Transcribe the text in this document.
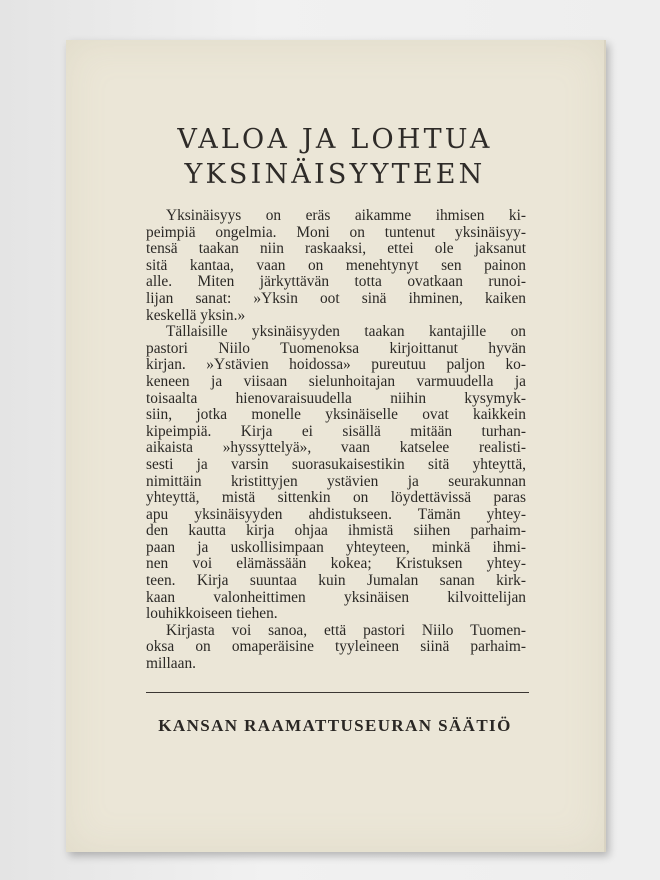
VALOA JA LOHTUA
YKSINÄISYYTEEN

Yksinäisyys on eräs aikamme ihmisen ki-
peimpiä ongelmia. Moni on tuntenut yksinäisyy-
tensä taakan niin raskaaksi, ettei ole jaksanut
sitä kantaa, vaan on menehtynyt sen painon
alle. Miten järkyttävän totta ovatkaan runoi-
lijan sanat: »Yksin oot sinä ihminen, kaiken
keskellä yksin.»

Tällaisille yksinäisyyden taakan kantajille on
pastori Niilo Tuomenoksa kirjoittanut hyvän
kirjan. »Ystävien hoidossa» pureutuu paljon ko-
keneen ja viisaan sielunhoitajan varmuudella ja
toisaalta hienovaraisuudella niihin kysymyk-
siin, jotka monelle yksinäiselle ovat kaikkein
kipeimpiä. Kirja ei sisällä mitään turhan-
aikaista »hyssyttelyä», vaan katselee realisti-
sesti ja varsin suorasukaisestikin sitä yhteyttä,
nimittäin kristittyjen ystävien ja seurakunnan
yhteyttä, mistä sittenkin on löydettävissä paras
apu yksinäisyyden ahdistukseen. Tämän yhtey-
den kautta kirja ohjaa ihmistä siihen parhaim-
paan ja uskollisimpaan yhteyteen, minkä ihmi-
nen voi elämässään kokea; Kristuksen yhtey-
teen. Kirja suuntaa kuin Jumalan sanan kirk-
kaan valonheittimen yksinäisen kilvoittelijan
louhikkoiseen tiehen.

Kirjasta voi sanoa, että pastori Niilo Tuomen-
oksa on omaperäisine tyyleineen siinä parhaim-
millaan.

KANSAN RAAMATTUSEURAN SÄÄTIÖ
